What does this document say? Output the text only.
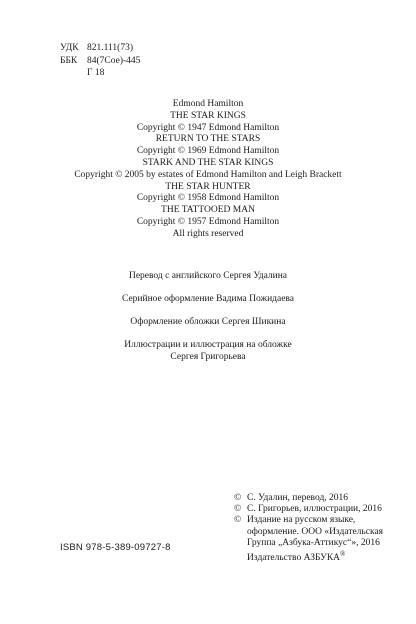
УДК 821.111(73)
ББК	84(7Сое)-445
Г 18
Edmond Hamilton
THE STAR KINGS
Copyright © 1947 Edmond Hamilton
RETURN TO THE STARS
Copyright © 1969 Edmond Hamilton
STARK AND THE STAR KINGS
Copyright © 2005 by estates of Edmond Hamilton and Leigh Brackett
THE STAR HUNTER
Copyright © 1958 Edmond Hamilton
THE TATTOOED MAN
Copyright © 1957 Edmond Hamilton
All rights reserved
Перевод с английского Сергея Удалина
Серийное оформление Вадима Пожидаева
Оформление обложки Сергея Шикина
Иллюстрации и иллюстрация на обложке
Сергея Григорьева
© С. Удалин, перевод, 2016
© С. Григорьев, иллюстрации, 2016
© Издание на русском языке,
оформление. ООО «Издательская
Группа „Азбука-Аттикус“», 2016
Издательство АЗБУКА®
ISBN 978-5-389-09727-8
